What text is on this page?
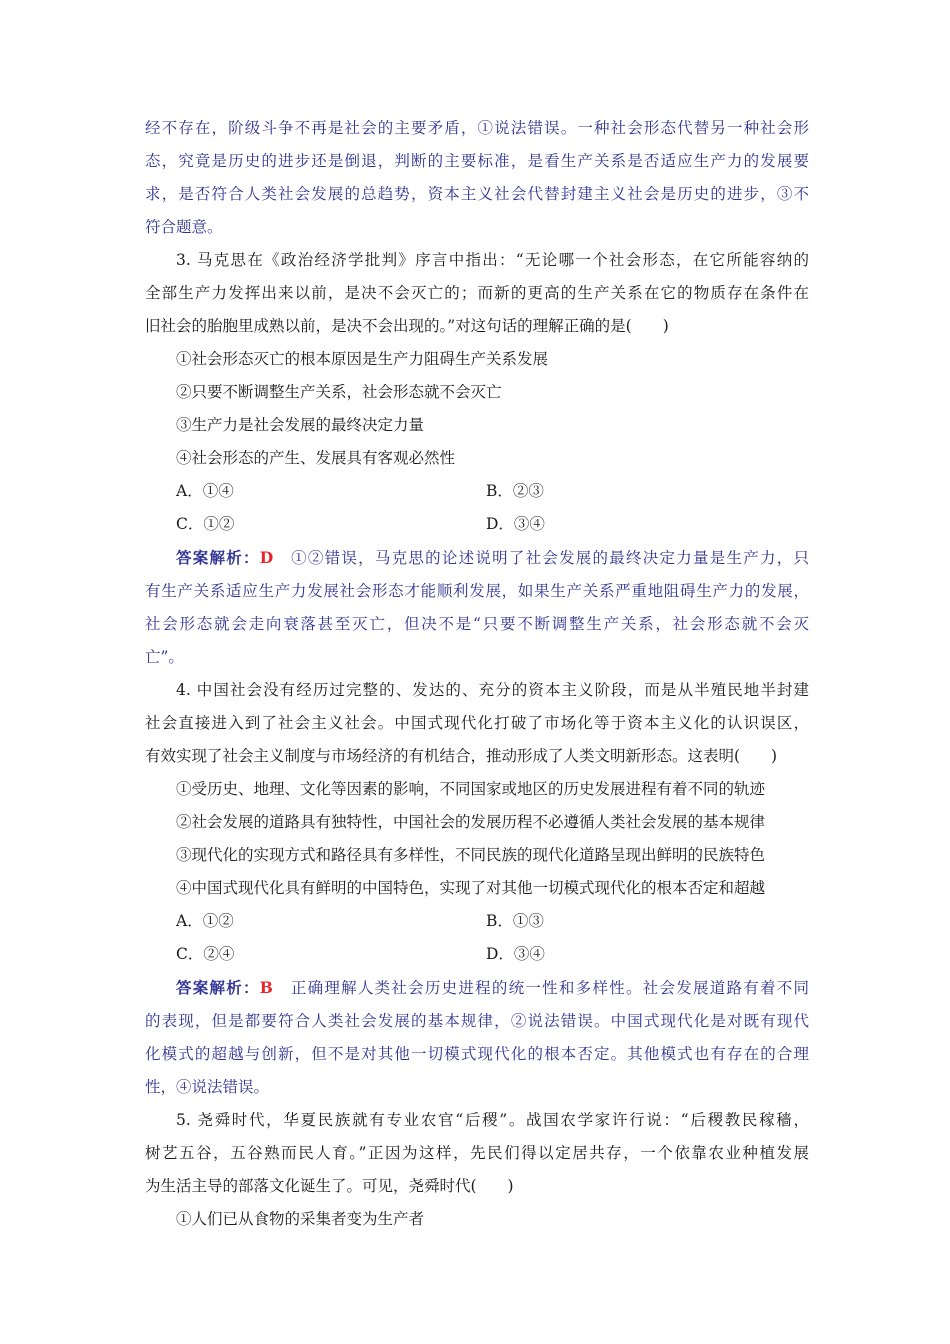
经不存在，阶级斗争不再是社会的主要矛盾，①说法错误。一种社会形态代替另一种社会形

态，究竟是历史的进步还是倒退，判断的主要标准，是看生产关系是否适应生产力的发展要

求，是否符合人类社会发展的总趋势，资本主义社会代替封建主义社会是历史的进步，③不

符合题意。

3. 马克思在《政治经济学批判》序言中指出：“无论哪一个社会形态，在它所能容纳的

全部生产力发挥出来以前，是决不会灭亡的；而新的更高的生产关系在它的物质存在条件在

旧社会的胎胞里成熟以前，是决不会出现的。”对这句话的理解正确的是(　　)

①社会形态灭亡的根本原因是生产力阻碍生产关系发展

②只要不断调整生产关系，社会形态就不会灭亡

③生产力是社会发展的最终决定力量

④社会形态的产生、发展具有客观必然性

A．①④	B．②③
C．①②	D．③④

答案解析：D　 ①②错误，马克思的论述说明了社会发展的最终决定力量是生产力，只

有生产关系适应生产力发展社会形态才能顺利发展，如果生产关系严重地阻碍生产力的发展，

社会形态就会走向衰落甚至灭亡，但决不是“只要不断调整生产关系，社会形态就不会灭

亡”。

4. 中国社会没有经历过完整的、发达的、充分的资本主义阶段，而是从半殖民地半封建

社会直接进入到了社会主义社会。中国式现代化打破了市场化等于资本主义化的认识误区，

有效实现了社会主义制度与市场经济的有机结合，推动形成了人类文明新形态。这表明(　　)

①受历史、地理、文化等因素的影响，不同国家或地区的历史发展进程有着不同的轨迹

②社会发展的道路具有独特性，中国社会的发展历程不必遵循人类社会发展的基本规律

③现代化的实现方式和路径具有多样性，不同民族的现代化道路呈现出鲜明的民族特色

④中国式现代化具有鲜明的中国特色，实现了对其他一切模式现代化的根本否定和超越

A．①②	B．①③
C．②④	D．③④

答案解析：B　 正确理解人类社会历史进程的统一性和多样性。社会发展道路有着不同

的表现，但是都要符合人类社会发展的基本规律，②说法错误。中国式现代化是对既有现代

化模式的超越与创新，但不是对其他一切模式现代化的根本否定。其他模式也有存在的合理

性，④说法错误。

5. 尧舜时代，华夏民族就有专业农官“后稷”。战国农学家许行说：“后稷教民稼穑，

树艺五谷，五谷熟而民人育。”正因为这样，先民们得以定居共存，一个依靠农业种植发展

为生活主导的部落文化诞生了。可见，尧舜时代(　　)

①人们已从食物的采集者变为生产者
